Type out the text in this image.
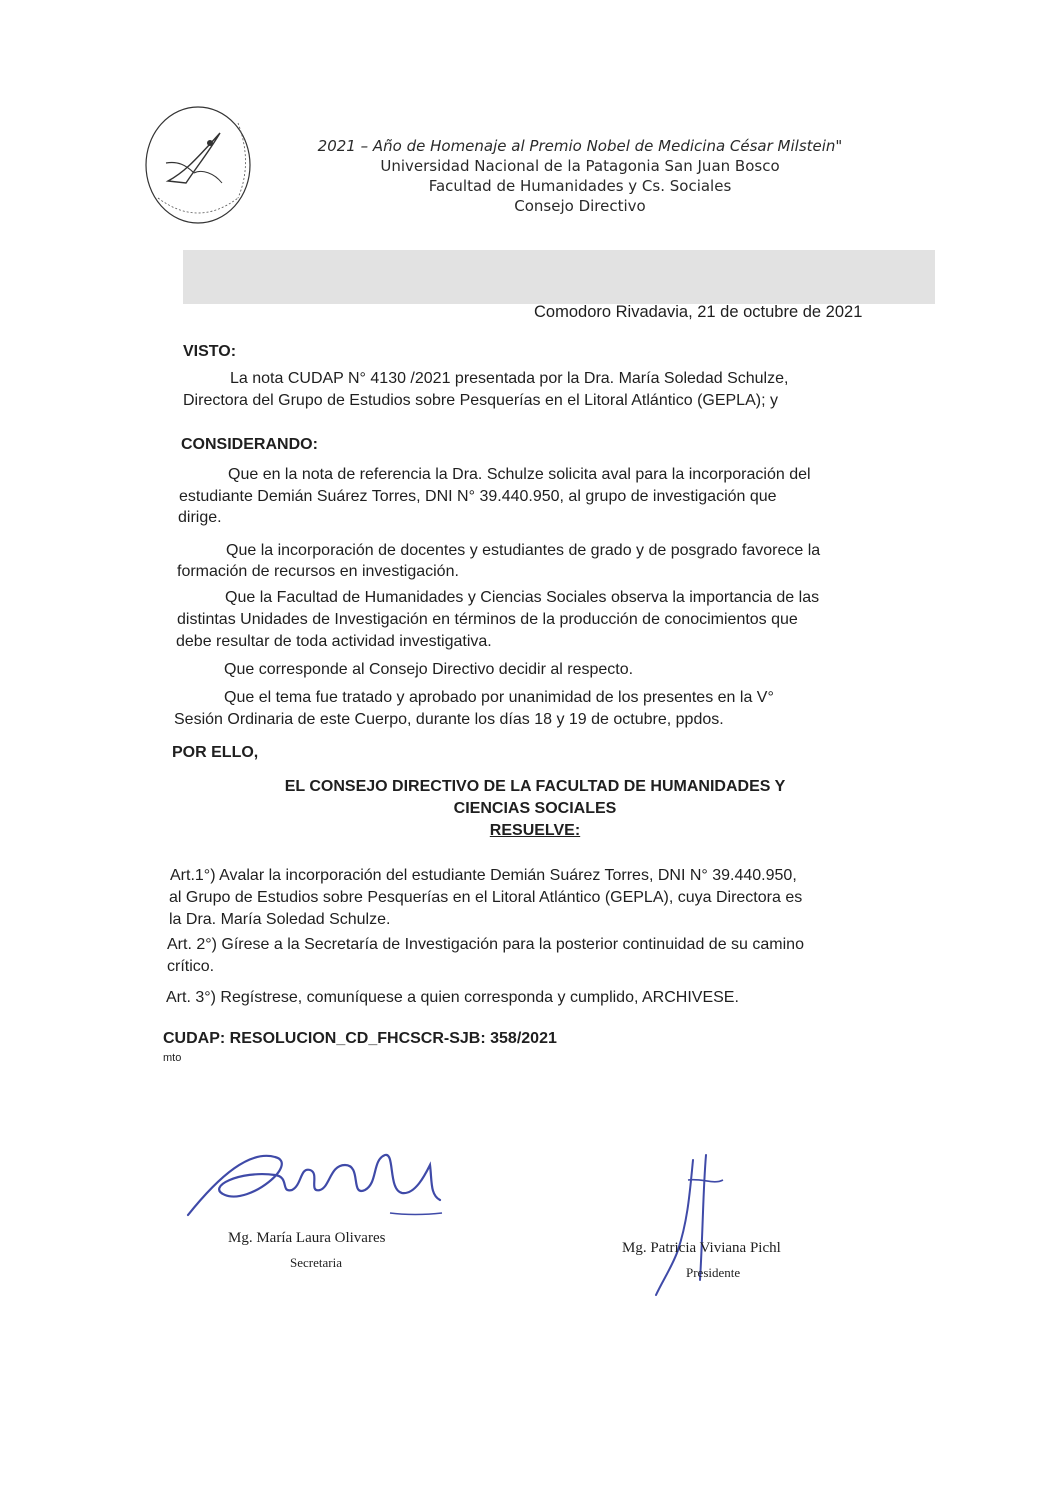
2021 – Año de Homenaje al Premio Nobel de Medicina César Milstein"
Universidad Nacional de la Patagonia San Juan Bosco
Facultad de Humanidades y Cs. Sociales
Consejo Directivo
Comodoro Rivadavia, 21 de octubre de 2021
VISTO:
La nota CUDAP N° 4130 /2021 presentada por la Dra. María Soledad Schulze,
Directora del Grupo de Estudios sobre Pesquerías en el Litoral Atlántico (GEPLA); y
CONSIDERANDO:
Que en la nota de referencia la Dra. Schulze solicita aval para la incorporación del
estudiante Demián Suárez Torres, DNI N° 39.440.950, al grupo de investigación que
dirige.
Que la incorporación de docentes y estudiantes de grado y de posgrado favorece la
formación de recursos en investigación.
Que la Facultad de Humanidades y Ciencias Sociales observa la importancia de las
distintas Unidades de Investigación en términos de la producción de conocimientos que
debe resultar de toda actividad investigativa.
Que corresponde al Consejo Directivo decidir al respecto.
Que el tema fue tratado y aprobado por unanimidad de los presentes en la V°
Sesión Ordinaria de este Cuerpo, durante los días 18 y 19 de octubre, ppdos.
POR ELLO,
EL CONSEJO DIRECTIVO DE LA FACULTAD DE HUMANIDADES Y
CIENCIAS SOCIALES
RESUELVE:
Art.1°) Avalar la incorporación del estudiante Demián Suárez Torres, DNI N° 39.440.950,
al Grupo de Estudios sobre Pesquerías en el Litoral Atlántico (GEPLA), cuya Directora es
la Dra. María Soledad Schulze.
Art. 2°) Gírese a la Secretaría de Investigación para la posterior continuidad de su camino
crítico.
Art. 3°) Regístrese, comuníquese a quien corresponda y cumplido, ARCHIVESE.
CUDAP: RESOLUCION_CD_FHCSCR-SJB: 358/2021
mto
Mg. María Laura Olivares
Secretaria
Mg. Patricia Viviana Pichl
Presidente
